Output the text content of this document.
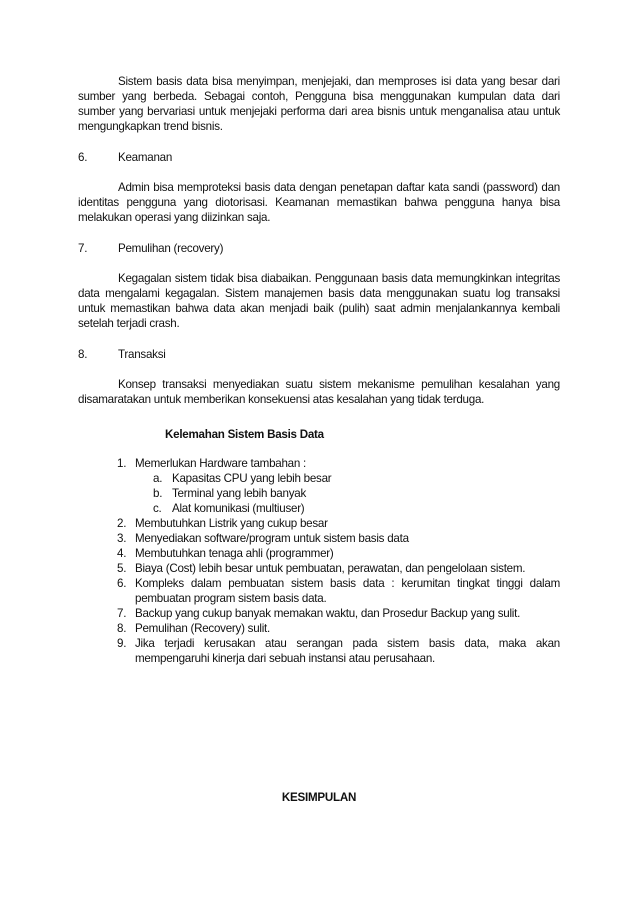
Sistem basis data bisa menyimpan, menjejaki, dan memproses isi data yang besar dari sumber yang berbeda. Sebagai contoh, Pengguna bisa menggunakan kumpulan data dari sumber yang bervariasi untuk menjejaki performa dari area bisnis untuk menganalisa atau untuk mengungkapkan trend bisnis.

6.	Keamanan

Admin bisa memproteksi basis data dengan penetapan daftar kata sandi (password) dan identitas pengguna yang diotorisasi. Keamanan memastikan bahwa pengguna hanya bisa melakukan operasi yang diizinkan saja.

7.	Pemulihan (recovery)

Kegagalan sistem tidak bisa diabaikan. Penggunaan basis data memungkinkan integritas data mengalami kegagalan. Sistem manajemen basis data menggunakan suatu log transaksi untuk memastikan bahwa data akan menjadi baik (pulih) saat admin menjalankannya kembali setelah terjadi crash.

8.	Transaksi

Konsep transaksi menyediakan suatu sistem mekanisme pemulihan kesalahan yang disamaratakan untuk memberikan konsekuensi atas kesalahan yang tidak terduga.

Kelemahan Sistem Basis Data
1. Memerlukan Hardware tambahan :
a. Kapasitas CPU yang lebih besar
b. Terminal yang lebih banyak
c. Alat komunikasi (multiuser)
2. Membutuhkan Listrik yang cukup besar
3. Menyediakan software/program untuk sistem basis data
4. Membutuhkan tenaga ahli (programmer)
5. Biaya (Cost) lebih besar untuk pembuatan, perawatan, dan pengelolaan sistem.
6. Kompleks dalam pembuatan sistem basis data : kerumitan tingkat tinggi dalam pembuatan program sistem basis data.
7. Backup yang cukup banyak memakan waktu, dan Prosedur Backup yang sulit.
8. Pemulihan (Recovery) sulit.
9. Jika terjadi kerusakan atau serangan pada sistem basis data, maka akan mempengaruhi kinerja dari sebuah instansi atau perusahaan.
KESIMPULAN
